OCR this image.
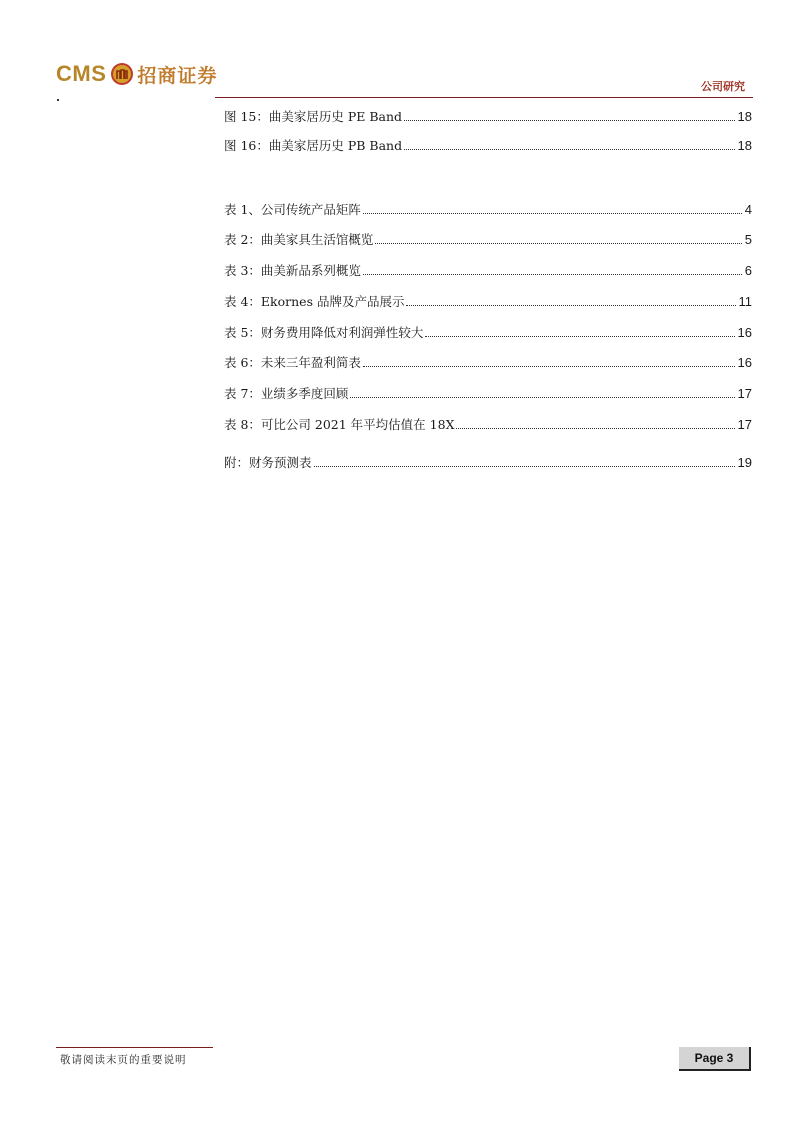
CMS 招商证券	公司研究
图 15：曲美家居历史 PE Band	18
图 16：曲美家居历史 PB Band	18
表 1、公司传统产品矩阵	4
表 2：曲美家具生活馆概览	5
表 3：曲美新品系列概览	6
表 4：Ekornes 品牌及产品展示	11
表 5：财务费用降低对利润弹性较大	16
表 6：未来三年盈利简表	16
表 7：业绩多季度回顾	17
表 8：可比公司 2021 年平均估值在 18X	17
附：财务预测表	19
敬请阅读末页的重要说明	Page 3
